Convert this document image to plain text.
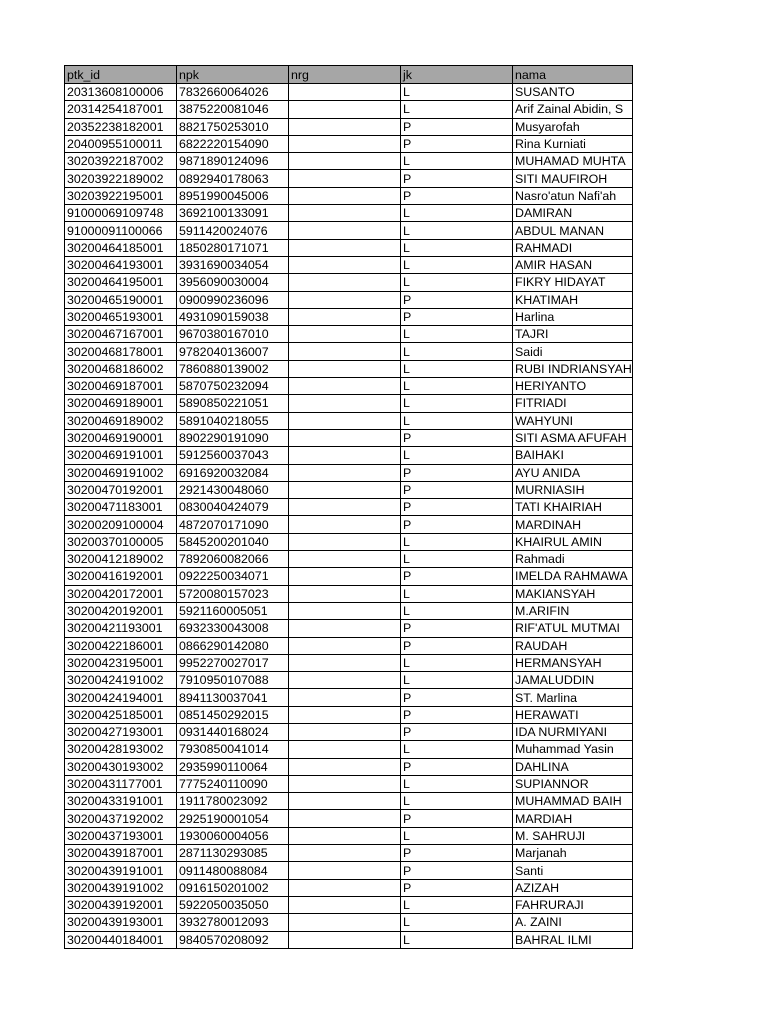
ptk_id	npk	nrg	jk	nama
20313608100006	7832660064026		L	SUSANTO
20314254187001	3875220081046		L	Arif Zainal Abidin, S
20352238182001	8821750253010		P	Musyarofah
20400955100011	6822220154090		P	Rina Kurniati
30203922187002	9871890124096		L	MUHAMAD MUHTA
30203922189002	0892940178063		P	SITI MAUFIROH
30203922195001	8951990045006		P	Nasro'atun Nafi'ah
91000069109748	3692100133091		L	DAMIRAN
91000091100066	5911420024076		L	ABDUL MANAN
30200464185001	1850280171071		L	RAHMADI
30200464193001	3931690034054		L	AMIR HASAN
30200464195001	3956090030004		L	FIKRY HIDAYAT
30200465190001	0900990236096		P	KHATIMAH
30200465193001	4931090159038		P	Harlina
30200467167001	9670380167010		L	TAJRI
30200468178001	9782040136007		L	Saidi
30200468186002	7860880139002		L	RUBI INDRIANSYAH
30200469187001	5870750232094		L	HERIYANTO
30200469189001	5890850221051		L	FITRIADI
30200469189002	5891040218055		L	WAHYUNI
30200469190001	8902290191090		P	SITI ASMA AFUFAH
30200469191001	5912560037043		L	BAIHAKI
30200469191002	6916920032084		P	AYU ANIDA
30200470192001	2921430048060		P	MURNIASIH
30200471183001	0830040424079		P	TATI KHAIRIAH
30200209100004	4872070171090		P	MARDINAH
30200370100005	5845200201040		L	KHAIRUL AMIN
30200412189002	7892060082066		L	Rahmadi
30200416192001	0922250034071		P	IMELDA RAHMAWA
30200420172001	5720080157023		L	MAKIANSYAH
30200420192001	5921160005051		L	M.ARIFIN
30200421193001	6932330043008		P	RIF'ATUL MUTMAI
30200422186001	0866290142080		P	RAUDAH
30200423195001	9952270027017		L	HERMANSYAH
30200424191002	7910950107088		L	JAMALUDDIN
30200424194001	8941130037041		P	ST. Marlina
30200425185001	0851450292015		P	HERAWATI
30200427193001	0931440168024		P	IDA NURMIYANI
30200428193002	7930850041014		L	Muhammad Yasin
30200430193002	2935990110064		P	DAHLINA
30200431177001	7775240110090		L	SUPIANNOR
30200433191001	1911780023092		L	MUHAMMAD BAIH
30200437192002	2925190001054		P	MARDIAH
30200437193001	1930060004056		L	M. SAHRUJI
30200439187001	2871130293085		P	Marjanah
30200439191001	0911480088084		P	Santi
30200439191002	0916150201002		P	AZIZAH
30200439192001	5922050035050		L	FAHRURAJI
30200439193001	3932780012093		L	A. ZAINI
30200440184001	9840570208092		L	BAHRAL ILMI
